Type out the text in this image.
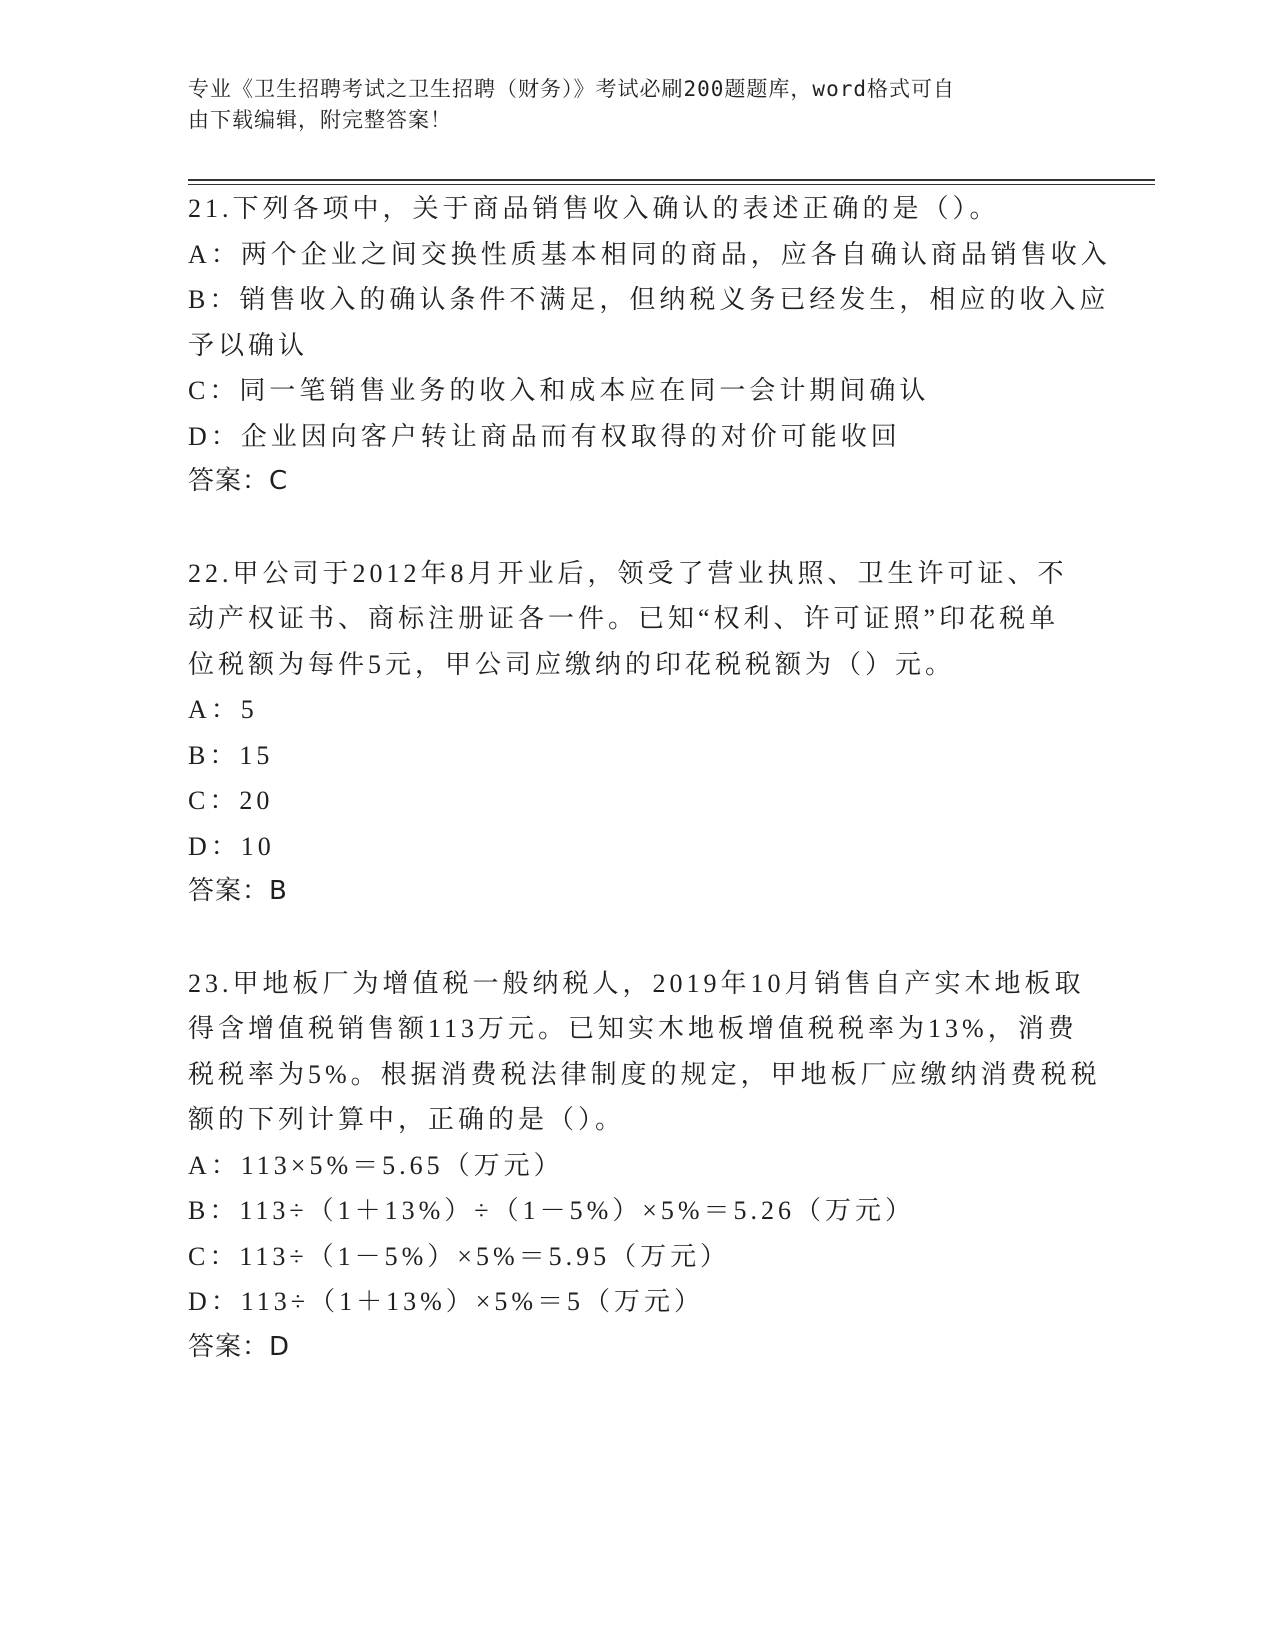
专业《卫生招聘考试之卫生招聘（财务）》考试必刷200题题库，word格式可自
由下载编辑，附完整答案！
21.下列各项中，关于商品销售收入确认的表述正确的是（）。
A：两个企业之间交换性质基本相同的商品，应各自确认商品销售收入
B：销售收入的确认条件不满足，但纳税义务已经发生，相应的收入应
予以确认
C：同一笔销售业务的收入和成本应在同一会计期间确认
D：企业因向客户转让商品而有权取得的对价可能收回
答案：C
22.甲公司于2012年8月开业后，领受了营业执照、卫生许可证、不
动产权证书、商标注册证各一件。已知“权利、许可证照”印花税单
位税额为每件5元，甲公司应缴纳的印花税税额为（）元。
A：5
B：15
C：20
D：10
答案：B
23.甲地板厂为增值税一般纳税人，2019年10月销售自产实木地板取
得含增值税销售额113万元。已知实木地板增值税税率为13%，消费
税税率为5%。根据消费税法律制度的规定，甲地板厂应缴纳消费税税
额的下列计算中，正确的是（）。
A：113×5%＝5.65（万元）
B：113÷（1＋13%）÷（1－5%）×5%＝5.26（万元）
C：113÷（1－5%）×5%＝5.95（万元）
D：113÷（1＋13%）×5%＝5（万元）
答案：D
